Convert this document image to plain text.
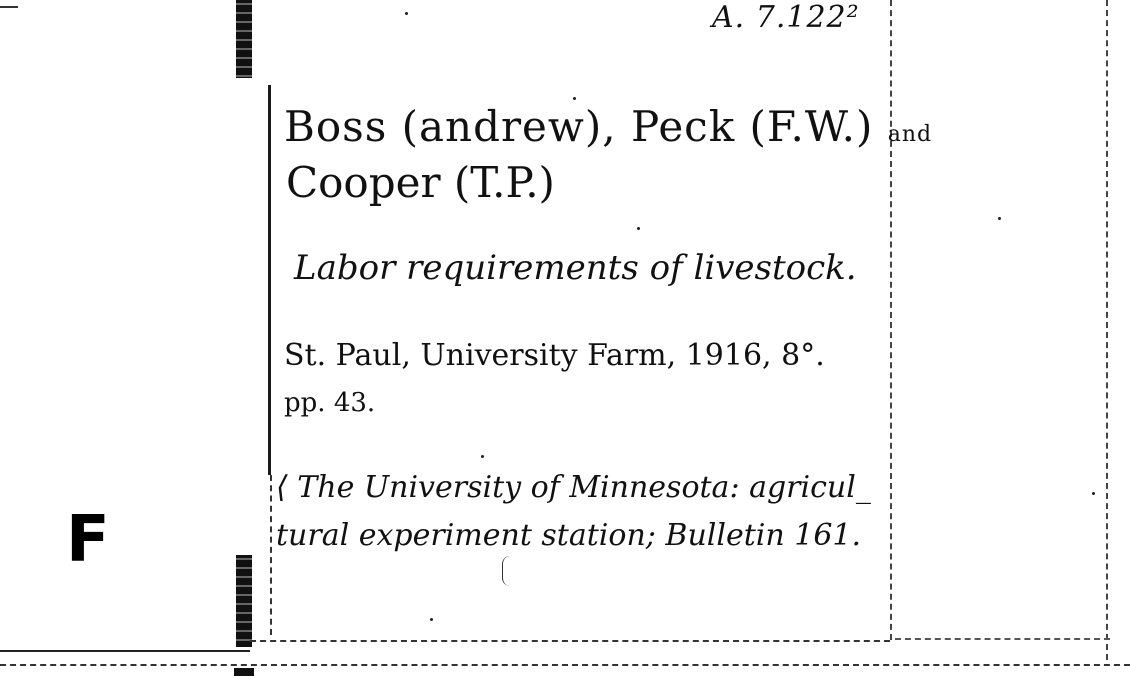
F
A. 7.122²
Boss (andrew), Peck (F.W.) and
Cooper (T.P.)
Labor requirements of livestock.
St. Paul, University Farm, 1916, 8°.
pp. 43.
⟨ The University of Minnesota: agricul_
tural experiment station; Bulletin 161.
